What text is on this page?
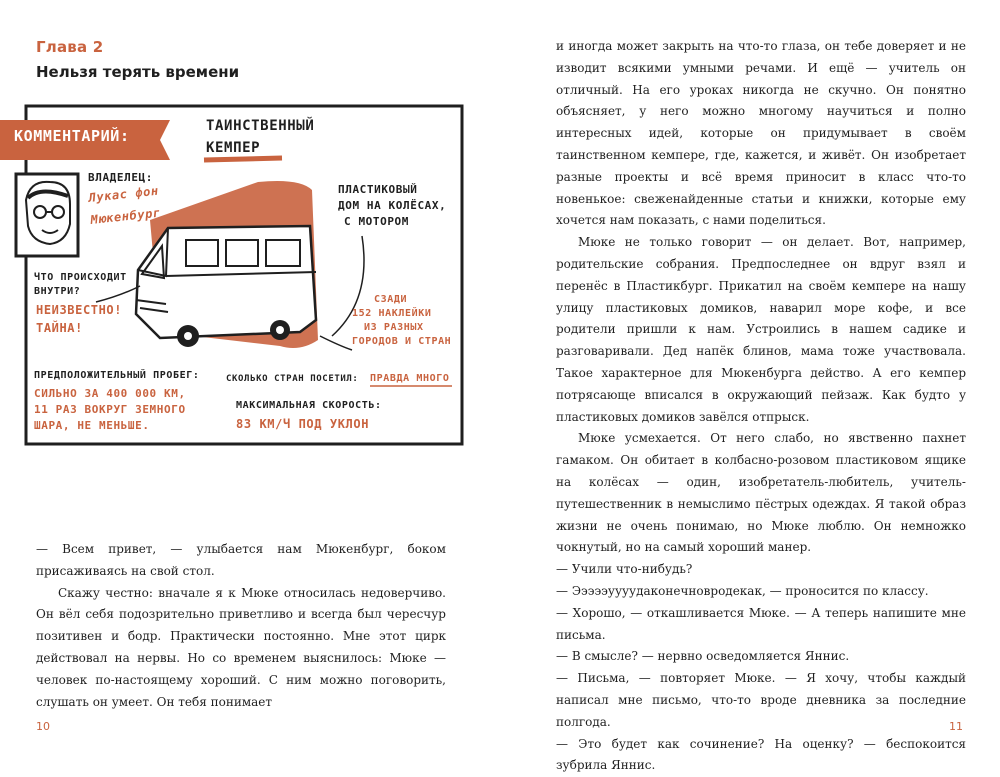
Глава 2
Нельзя терять времени
КОММЕНТАРИЙ:
ТАИНСТВЕННЫЙ
КЕМПЕР
ВЛАДЕЛЕЦ:
Лукас фон
Мюкенбург
ЧТО ПРОИСХОДИТ
ВНУТРИ?
НЕИЗВЕСТНО!
ТАЙНА!
ПЛАСТИКОВЫЙ
ДОМ НА КОЛЁСАХ,
С МОТОРОМ
СЗАДИ
152 НАКЛЕЙКИ
ИЗ РАЗНЫХ
ГОРОДОВ И СТРАН
ПРЕДПОЛОЖИТЕЛЬНЫЙ ПРОБЕГ:
СИЛЬНО ЗА 400 000 КМ,
11 РАЗ ВОКРУГ ЗЕМНОГО
ШАРА, НЕ МЕНЬШЕ.
СКОЛЬКО СТРАН ПОСЕТИЛ: ПРАВДА МНОГО
МАКСИМАЛЬНАЯ СКОРОСТЬ:
83 КМ/Ч ПОД УКЛОН

— Всем привет, — улыбается нам Мюкенбург, боком присаживаясь на свой стол.

Скажу честно: вначале я к Мюке относилась недоверчиво. Он вёл себя подозрительно приветливо и всегда был чересчур позитивен и бодр. Практически постоянно. Мне этот цирк действовал на нервы. Но со временем выяснилось: Мюке — человек по-настоящему хороший. С ним можно поговорить, слушать он умеет. Он тебя понимает

10

и иногда может закрыть на что-то глаза, он тебе доверяет и не изводит всякими умными речами. И ещё — учитель он отличный. На его уроках никогда не скучно. Он понятно объясняет, у него можно многому научиться и полно интересных идей, которые он придумывает в своём таинственном кемпере, где, кажется, и живёт. Он изобретает разные проекты и всё время приносит в класс что-то новенькое: свеженайденные статьи и книжки, которые ему хочется нам показать, с нами поделиться.

Мюке не только говорит — он делает. Вот, например, родительские собрания. Предпоследнее он вдруг взял и перенёс в Пластикбург. Прикатил на своём кемпере на нашу улицу пластиковых домиков, наварил море кофе, и все родители пришли к нам. Устроились в нашем садике и разговаривали. Дед напёк блинов, мама тоже участвовала. Такое характерное для Мюкенбурга действо. А его кемпер потрясающе вписался в окружающий пейзаж. Как будто у пластиковых домиков завёлся отпрыск.

Мюке усмехается. От него слабо, но явственно пахнет гамаком. Он обитает в колбасно-розовом пластиковом ящике на колёсах — один, изобретатель-любитель, учитель-путешественник в немыслимо пёстрых одеждах. Я такой образ жизни не очень понимаю, но Мюке люблю. Он немножко чокнутый, но на самый хороший манер.

— Учили что-нибудь?

— Эээээуууудаконечновродекак, — проносится по классу.

— Хорошо, — откашливается Мюке. — А теперь напишите мне письма.

— В смысле? — нервно осведомляется Яннис.

— Письма, — повторяет Мюке. — Я хочу, чтобы каждый написал мне письмо, что-то вроде дневника за последние полгода.

— Это будет как сочинение? На оценку? — беспокоится зубрила Яннис.

11
